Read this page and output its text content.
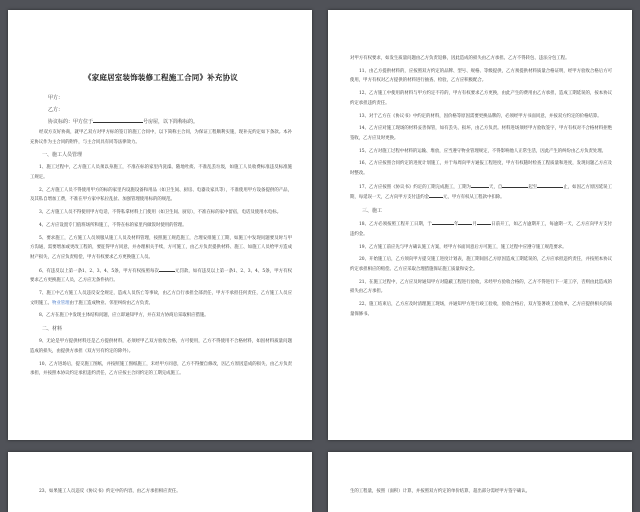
《家庭居室装饰装修工程施工合同》补充协议
甲方：
乙方：
协议标的：甲方位于	号房屋，以下简称标的。

经双方友好协商，就甲乙双方对甲方标的签订的施工合同中，以下简称主合同，为保证工程顺利实施，现补充约定如下条款。本补充协议作为主合同的附件，与主合同具有同等法律效力。

一、施工人员管理

1、施工过程中，乙方施工人员须以身施工，不准在标的家里内洗澡、随地吐痰、不准乱丢垃圾，如施工人员收费标准违反标准施工规定。

2、乙方施工人员不得使用甲方的标的家里内设施设备和用品（如卫生间、厨房、电器及家具等），不准使用甲方设备提供的产品，及其私自增加工费，不准在甲方家中私拉乱扯、加强管理使用标的的规范。

3、乙方施工人员不得使用甲方电话，不得私拿材料上门使用（如卫生间、厨房），不准在标的家中留宿，电话及使用水电标。

4、乙方应设置专门值班场所和施工，不得在标的家里内做饭时使用的管理。

5、要求施工，乙方施工人员须服从施工人员及材料管理，按照施工规范施工，合理安排施工工期，如施工中发现问题要及时与甲方沟通，需要增加或更改工程的，要征得甲方同意，并办理相关手续，方可施工，由乙方负责提供材料、施工、如施工人员给甲方造成财产损失，乙方应负责赔偿，甲方有权要求乙方更换施工人员。

6、有违反以上第一条1、2、3、4、5条，甲方有权按照每次	元罚款，如有违反以上第一条1、2、3、4、5条，甲方有权要求乙方更换施工人员，乙方应无条件执行。

7、施工中乙方施工人员违反安全规定，造成人员伤亡等事故，由乙方自行承担全部责任，甲方不承担任何责任，乙方施工人员应文明施工。物业管理由于施工造成物业、邻里纠纷由乙方负责。

8、乙方在施工中发现主体结构问题，应立即通知甲方，并在双方协商后采取相应措施。

二、材料

9、无论是甲方提供材料还是乙方提供材料，必须经甲乙双方验收合格，方可使用，乙方不得使用不合格材料，如因材料质量问题造成的损失，由提供方承担（双方另有约定的除外）。

10、乙方进场后，提交施工图纸，并按照施工图纸施工，未经甲方同意，乙方不得擅自修改，因乙方原因造成的损失，由乙方负责承担，并按照本协议约定承担违约责任，乙方应按主合同约定的工期完成施工。

对甲方有权要求，如发生质量问题由乙方负责返修，因此造成的损失由乙方承担。乙方不得转包、违法分包工程。

11、由乙方提供材料的，应按照双方约定的品牌、型号、规格、等级提供，乙方须提供材料质量合格证明，经甲方验收合格后方可使用，甲方有权对乙方提供的材料进行抽查、检验，乙方应积极配合。

12、乙方施工中使用的材料与甲方约定不符的，甲方有权要求乙方更换，由此产生的费用由乙方承担，造成工期延误的，按本协议约定承担违约责任。

13、对于乙方在《协议书》中约定的材料，因价格等原因需要更换品牌的，必须经甲方书面同意，并按双方约定的价格结算。

14、乙方应对施工现场的材料妥善保管，如有丢失、损坏，由乙方负责。材料进场须经甲方验收签字，甲方有权对不合格材料拒绝签收，乙方应及时更换。

15、乙方对施工过程中材料的运输、堆放，应当遵守物业管理规定，不得影响他人正常生活，因此产生的纠纷由乙方负责处理。

16、乙方应按照合同约定的进度计划施工，并于每周向甲方通报工程进度，甲方有权随时检查工程质量和进度，发现问题乙方应及时整改。

17、乙方应按照《协议书》约定的工期完成施工，工期为	天，自	起至	止，如因乙方原因延误工期，每延误一天，乙方向甲方支付违约金	元，甲方有权从工程款中扣除。

三、施工

18、乙方必须按照工程开工日期，于	年	月	日前开工，如乙方逾期开工，每逾期一天，乙方应向甲方支付违约金。

19、乙方施工前应先与甲方确认施工方案，经甲方书面同意后方可施工，施工过程中应遵守施工规范要求。

20、开始施工后，乙方须向甲方提交施工进度计划表，施工期间因乙方原因造成工期延误的，乙方应承担违约责任，并按照本协议约定承担相应的赔偿。乙方应采取合理措施保证施工质量和安全。

21、在施工过程中，乙方应及时通知甲方对隐蔽工程进行验收，未经甲方验收合格的，乙方不得进行下一道工序，否则由此造成的损失由乙方承担。

22、施工结束后，乙方应及时清理施工现场，并通知甲方进行竣工验收，验收合格后，双方签署竣工验收单，乙方应提供相关的质量保修书。

23、如果施工人员违反《协议书》约定中的内容，由乙方承担相应责任。	生的工程量，按照（面积）计算，并按照双方约定的单价结算，超出部分需经甲方签字确认。
